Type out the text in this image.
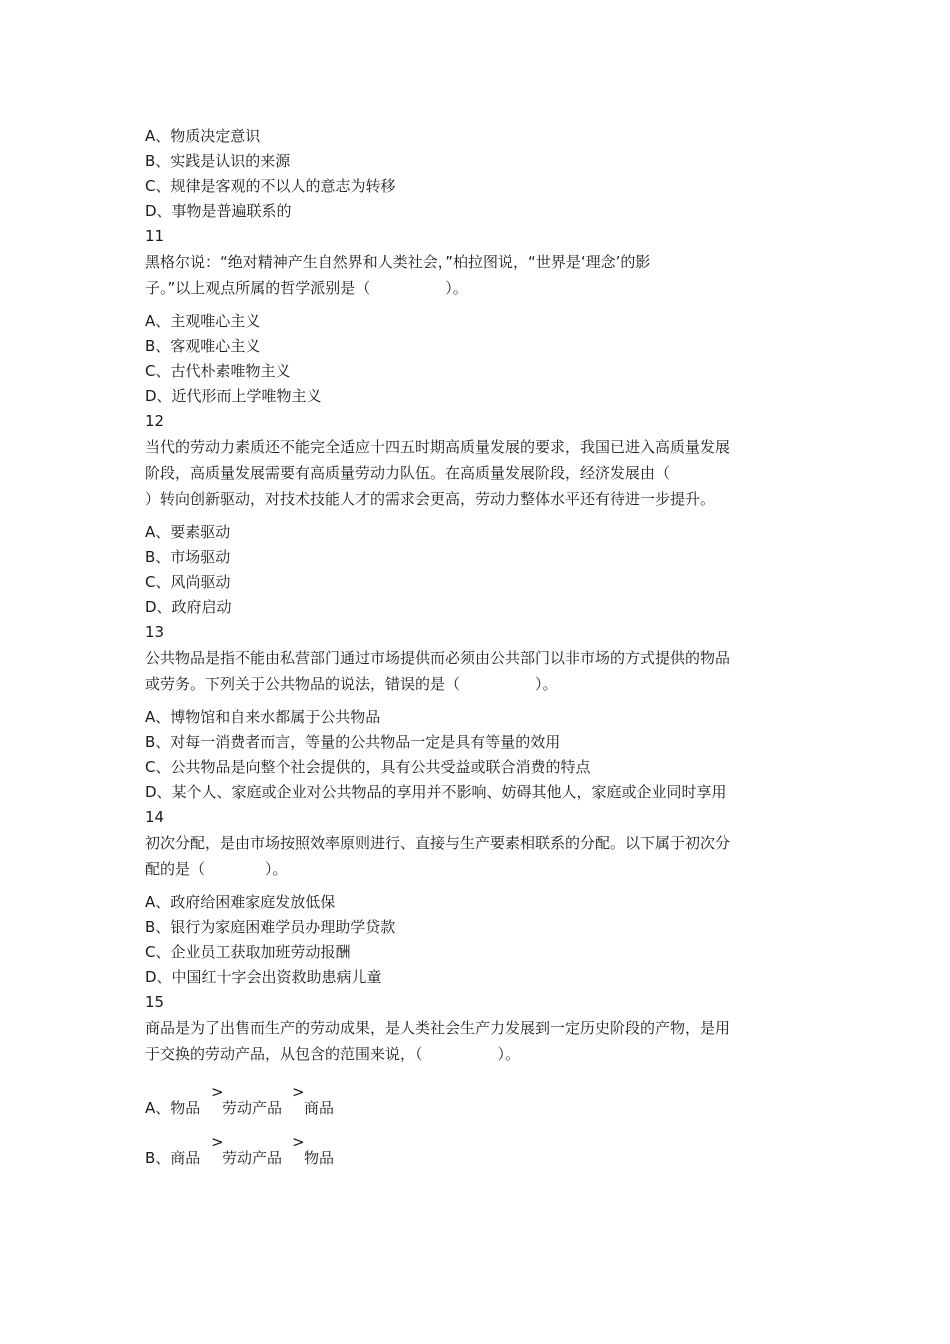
A、物质决定意识
B、实践是认识的来源
C、规律是客观的不以人的意志为转移
D、事物是普遍联系的
11
黑格尔说：“绝对精神产生自然界和人类社会，”柏拉图说，“世界是‘理念’的影
子。”以上观点所属的哲学派别是（　　　　　）。
A、主观唯心主义
B、客观唯心主义
C、古代朴素唯物主义
D、近代形而上学唯物主义
12
当代的劳动力素质还不能完全适应十四五时期高质量发展的要求，我国已进入高质量发展
阶段，高质量发展需要有高质量劳动力队伍。在高质量发展阶段，经济发展由（
）转向创新驱动，对技术技能人才的需求会更高，劳动力整体水平还有待进一步提升。
A、要素驱动
B、市场驱动
C、风尚驱动
D、政府启动
13
公共物品是指不能由私营部门通过市场提供而必须由公共部门以非市场的方式提供的物品
或劳务。下列关于公共物品的说法，错误的是（　　　　　）。
A、博物馆和自来水都属于公共物品
B、对每一消费者而言，等量的公共物品一定是具有等量的效用
C、公共物品是向整个社会提供的，具有公共受益或联合消费的特点
D、某个人、家庭或企业对公共物品的享用并不影响、妨碍其他人，家庭或企业同时享用
14
初次分配，是由市场按照效率原则进行、直接与生产要素相联系的分配。以下属于初次分
配的是（　　　　）。
A、政府给困难家庭发放低保
B、银行为家庭困难学员办理助学贷款
C、企业员工获取加班劳动报酬
D、中国红十字会出资救助患病儿童
15
商品是为了出售而生产的劳动成果，是人类社会生产力发展到一定历史阶段的产物，是用
于交换的劳动产品，从包含的范围来说，（　　　　　）。
>	>
A、物品 劳动产品 商品
>	>
B、商品 劳动产品 物品
